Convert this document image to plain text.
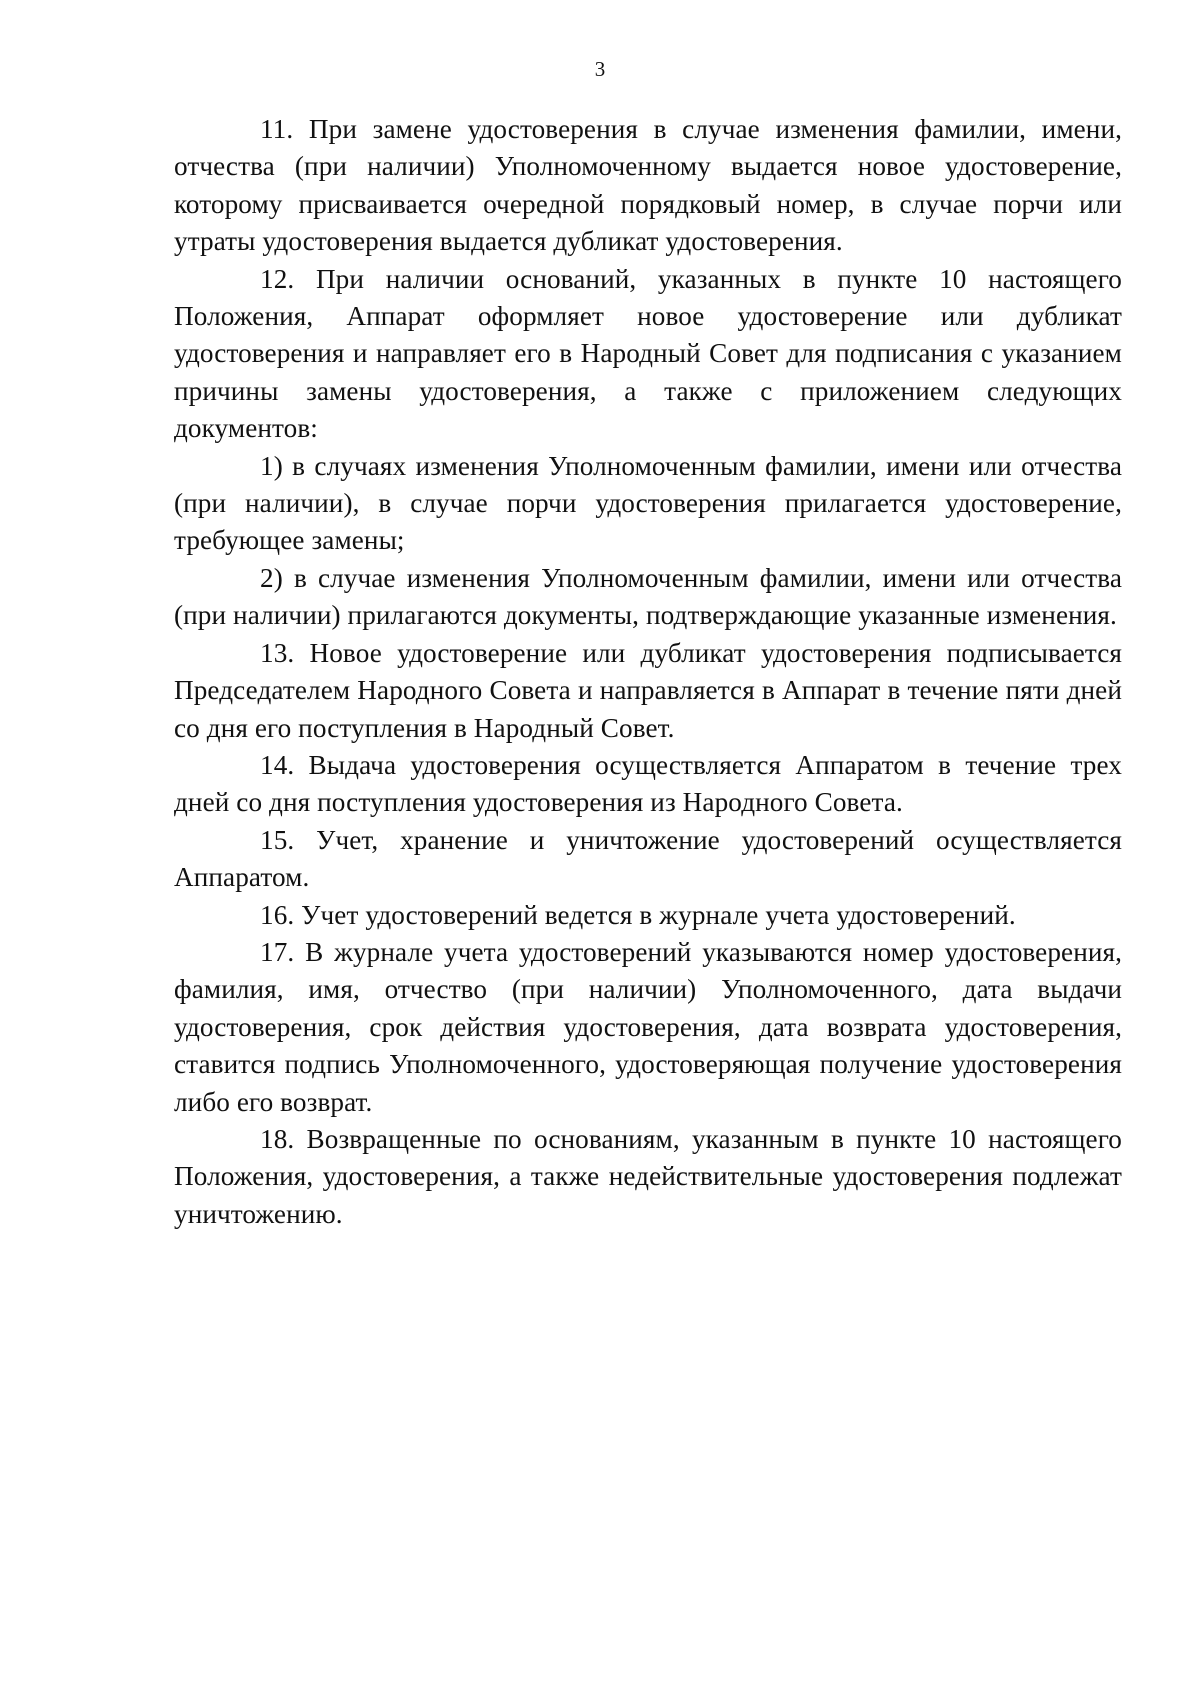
3

11. При замене удостоверения в случае изменения фамилии, имени, отчества (при наличии) Уполномоченному выдается новое удостоверение, которому присваивается очередной порядковый номер, в случае порчи или утраты удостоверения выдается дубликат удостоверения.

12. При наличии оснований, указанных в пункте 10 настоящего Положения, Аппарат оформляет новое удостоверение или дубликат удостоверения и направляет его в Народный Совет для подписания с указанием причины замены удостоверения, а также с приложением следующих документов:

1) в случаях изменения Уполномоченным фамилии, имени или отчества (при наличии), в случае порчи удостоверения прилагается удостоверение, требующее замены;

2) в случае изменения Уполномоченным фамилии, имени или отчества (при наличии) прилагаются документы, подтверждающие указанные изменения.

13. Новое удостоверение или дубликат удостоверения подписывается Председателем Народного Совета и направляется в Аппарат в течение пяти дней со дня его поступления в Народный Совет.

14. Выдача удостоверения осуществляется Аппаратом в течение трех дней со дня поступления удостоверения из Народного Совета.

15. Учет, хранение и уничтожение удостоверений осуществляется Аппаратом.

16. Учет удостоверений ведется в журнале учета удостоверений.

17. В журнале учета удостоверений указываются номер удостоверения, фамилия, имя, отчество (при наличии) Уполномоченного, дата выдачи удостоверения, срок действия удостоверения, дата возврата удостоверения, ставится подпись Уполномоченного, удостоверяющая получение удостоверения либо его возврат.

18. Возвращенные по основаниям, указанным в пункте 10 настоящего Положения, удостоверения, а также недействительные удостоверения подлежат уничтожению.
